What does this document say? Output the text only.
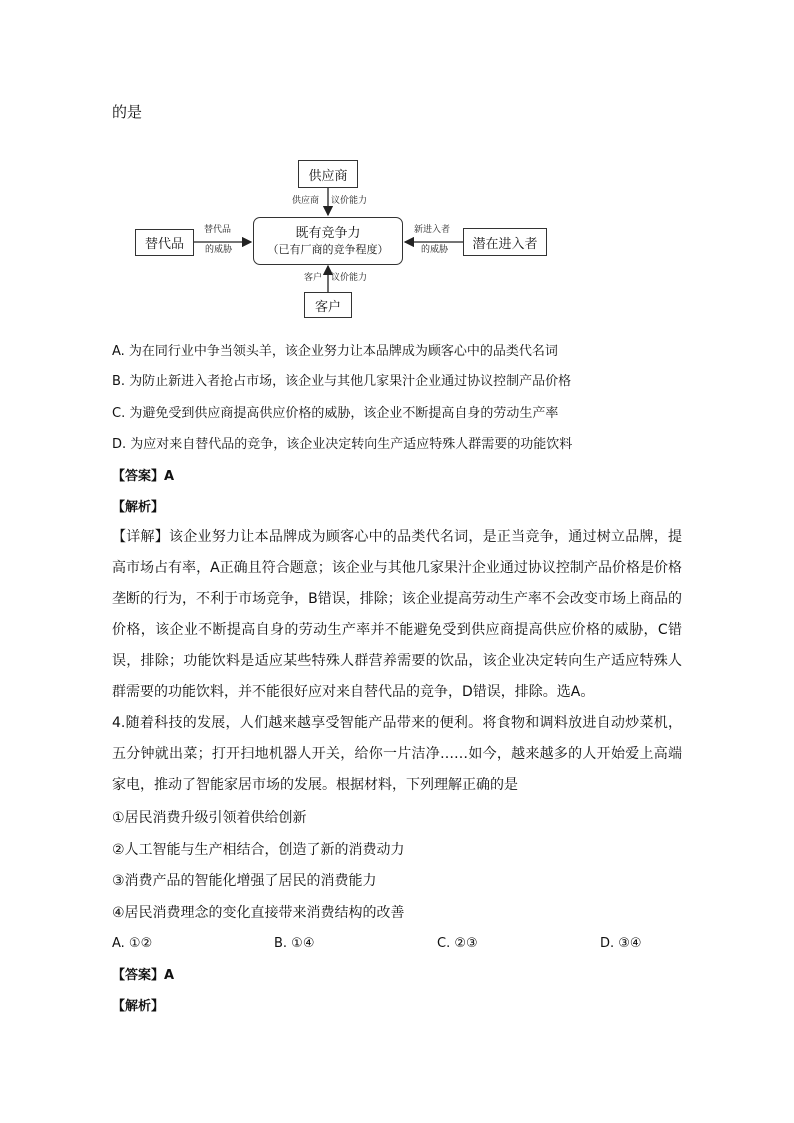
的是
供应商
供应商 议价能力
既有竞争力
（已有厂商的竞争程度）
替代品
替代品
的威胁	潜在进入者
新进入者
的威胁
客户 议价能力
客户
A. 为在同行业中争当领头羊，该企业努力让本品牌成为顾客心中的品类代名词
B. 为防止新进入者抢占市场，该企业与其他几家果汁企业通过协议控制产品价格
C. 为避免受到供应商提高供应价格的威胁，该企业不断提高自身的劳动生产率
D. 为应对来自替代品的竞争，该企业决定转向生产适应特殊人群需要的功能饮料
【答案】A
【解析】
【详解】该企业努力让本品牌成为顾客心中的品类代名词，是正当竞争，通过树立品牌，提高市场占有率，A正确且符合题意；该企业与其他几家果汁企业通过协议控制产品价格是价格垄断的行为，不利于市场竞争，B错误，排除；该企业提高劳动生产率不会改变市场上商品的价格，该企业不断提高自身的劳动生产率并不能避免受到供应商提高供应价格的威胁，C错误，排除；功能饮料是适应某些特殊人群营养需要的饮品，该企业决定转向生产适应特殊人群需要的功能饮料，并不能很好应对来自替代品的竞争，D错误，排除。选A。
4.随着科技的发展，人们越来越享受智能产品带来的便利。将食物和调料放进自动炒菜机，五分钟就出菜；打开扫地机器人开关，给你一片洁净……如今，越来越多的人开始爱上高端家电，推动了智能家居市场的发展。根据材料，下列理解正确的是
①居民消费升级引领着供给创新
②人工智能与生产相结合，创造了新的消费动力
③消费产品的智能化增强了居民的消费能力
④居民消费理念的变化直接带来消费结构的改善
A. ①②	B. ①④	C. ②③	D. ③④
【答案】A
【解析】
